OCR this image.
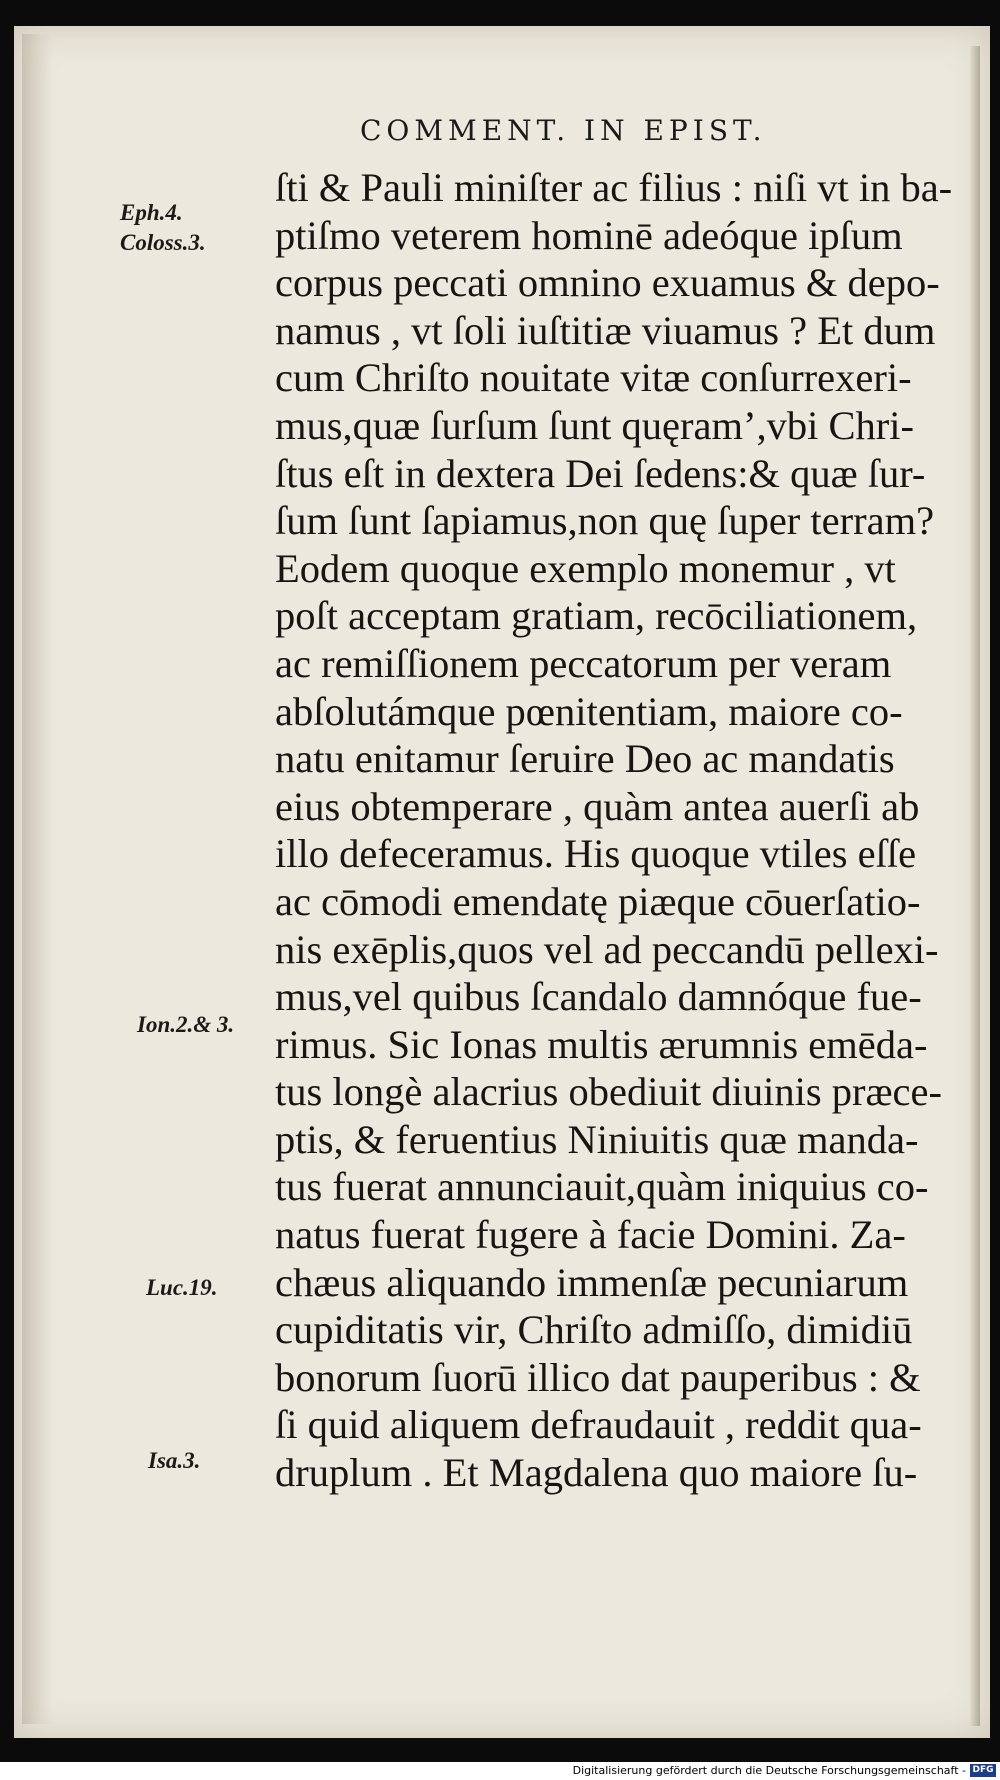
COMMENT. IN EPIST.
Eph.4.
Coloss.3.
Ion.2.& 3.
Luc.19.
Isa.3.
ſti & Pauli miniſter ac filius : niſi vt in ba-
ptiſmo veterem hominē adeóque ipſum
corpus peccati omnino exuamus & depo-
namus , vt ſoli iuſtitiæ viuamus ? Et dum
cum Chriſto nouitate vitæ conſurrexeri-
mus,quæ ſurſum ſunt quęram’,vbi Chri-
ſtus eſt in dextera Dei ſedens:& quæ ſur-
ſum ſunt ſapiamus,non quę ſuper terram?
Eodem quoque exemplo monemur , vt
poſt acceptam gratiam, recōciliationem,
ac remiſſionem peccatorum per veram
abſolutámque pœnitentiam, maiore co-
natu enitamur ſeruire Deo ac mandatis
eius obtemperare , quàm antea auerſi ab
illo defeceramus. His quoque vtiles eſſe
ac cōmodi emendatę piæque cōuerſatio-
nis exēplis,quos vel ad peccandū pellexi-
mus,vel quibus ſcandalo damnóque fue-
rimus. Sic Ionas multis ærumnis emēda-
tus longè alacrius obediuit diuinis præce-
ptis, & feruentius Niniuitis quæ manda-
tus fuerat annunciauit,quàm iniquius co-
natus fuerat fugere à facie Domini. Za-
chæus aliquando immenſæ pecuniarum
cupiditatis vir, Chriſto admiſſo, dimidiū
bonorum ſuorū illico dat pauperibus : &
ſi quid aliquem defraudauit , reddit qua-
druplum . Et Magdalena quo maiore ſu-
Digitalisierung gefördert durch die Deutsche Forschungsgemeinschaft - DFG
